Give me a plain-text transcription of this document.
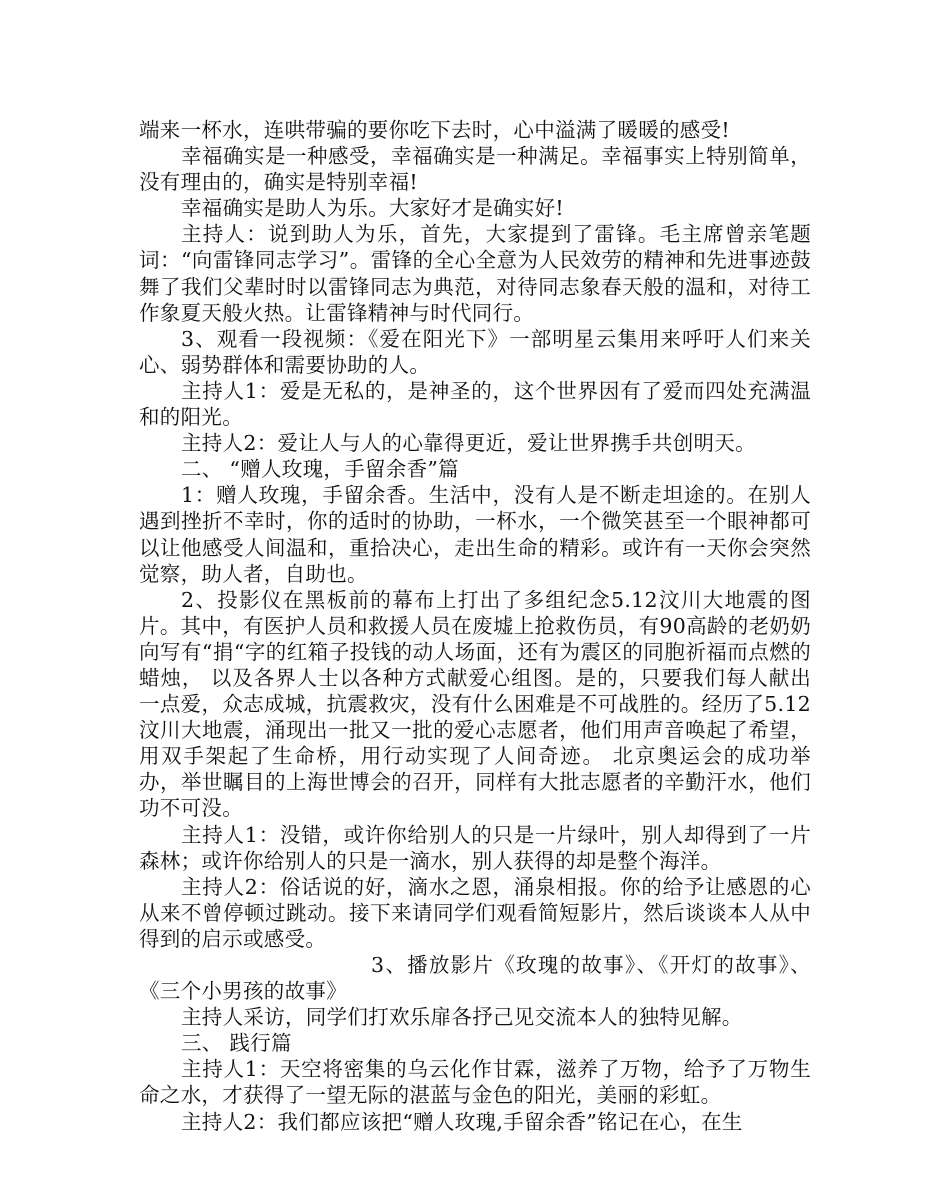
端来一杯水，连哄带骗的要你吃下去时，心中溢满了暖暖的感受!

幸福确实是一种感受，幸福确实是一种满足。幸福事实上特别简单，没有理由的，确实是特别幸福!

幸福确实是助人为乐。大家好才是确实好!

主持人：说到助人为乐，首先，大家提到了雷锋。毛主席曾亲笔题词：“向雷锋同志学习”。雷锋的全心全意为人民效劳的精神和先进事迹鼓舞了我们父辈时时以雷锋同志为典范，对待同志象春天般的温和，对待工作象夏天般火热。让雷锋精神与时代同行。

3、观看一段视频：《爱在阳光下》一部明星云集用来呼吁人们来关心、弱势群体和需要协助的人。

主持人1：爱是无私的，是神圣的，这个世界因有了爱而四处充满温和的阳光。

主持人2：爱让人与人的心靠得更近，爱让世界携手共创明天。

二、 “赠人玫瑰，手留余香”篇

1：赠人玫瑰，手留余香。生活中，没有人是不断走坦途的。在别人遇到挫折不幸时，你的适时的协助，一杯水，一个微笑甚至一个眼神都可以让他感受人间温和，重拾决心，走出生命的精彩。或许有一天你会突然觉察，助人者，自助也。

2、投影仪在黑板前的幕布上打出了多组纪念5.12汶川大地震的图片。其中，有医护人员和救援人员在废墟上抢救伤员，有90高龄的老奶奶向写有“捐“字的红箱子投钱的动人场面，还有为震区的同胞祈福而点燃的蜡烛， 以及各界人士以各种方式献爱心组图。是的，只要我们每人献出一点爱，众志成城，抗震救灾，没有什么困难是不可战胜的。经历了5.12汶川大地震，涌现出一批又一批的爱心志愿者，他们用声音唤起了希望，用双手架起了生命桥，用行动实现了人间奇迹。 北京奥运会的成功举办，举世瞩目的上海世博会的召开，同样有大批志愿者的辛勤汗水，他们功不可没。

主持人1：没错，或许你给别人的只是一片绿叶，别人却得到了一片森林；或许你给别人的只是一滴水，别人获得的却是整个海洋。

主持人2：俗话说的好，滴水之恩，涌泉相报。你的给予让感恩的心从来不曾停顿过跳动。接下来请同学们观看简短影片，然后谈谈本人从中得到的启示或感受。

3、播放影片《玫瑰的故事》、《开灯的故事》、《三个小男孩的故事》

主持人采访，同学们打欢乐扉各抒己见交流本人的独特见解。

三、 践行篇

主持人1：天空将密集的乌云化作甘霖，滋养了万物，给予了万物生命之水，才获得了一望无际的湛蓝与金色的阳光，美丽的彩虹。

主持人2：我们都应该把“赠人玫瑰,手留余香”铭记在心，在生
